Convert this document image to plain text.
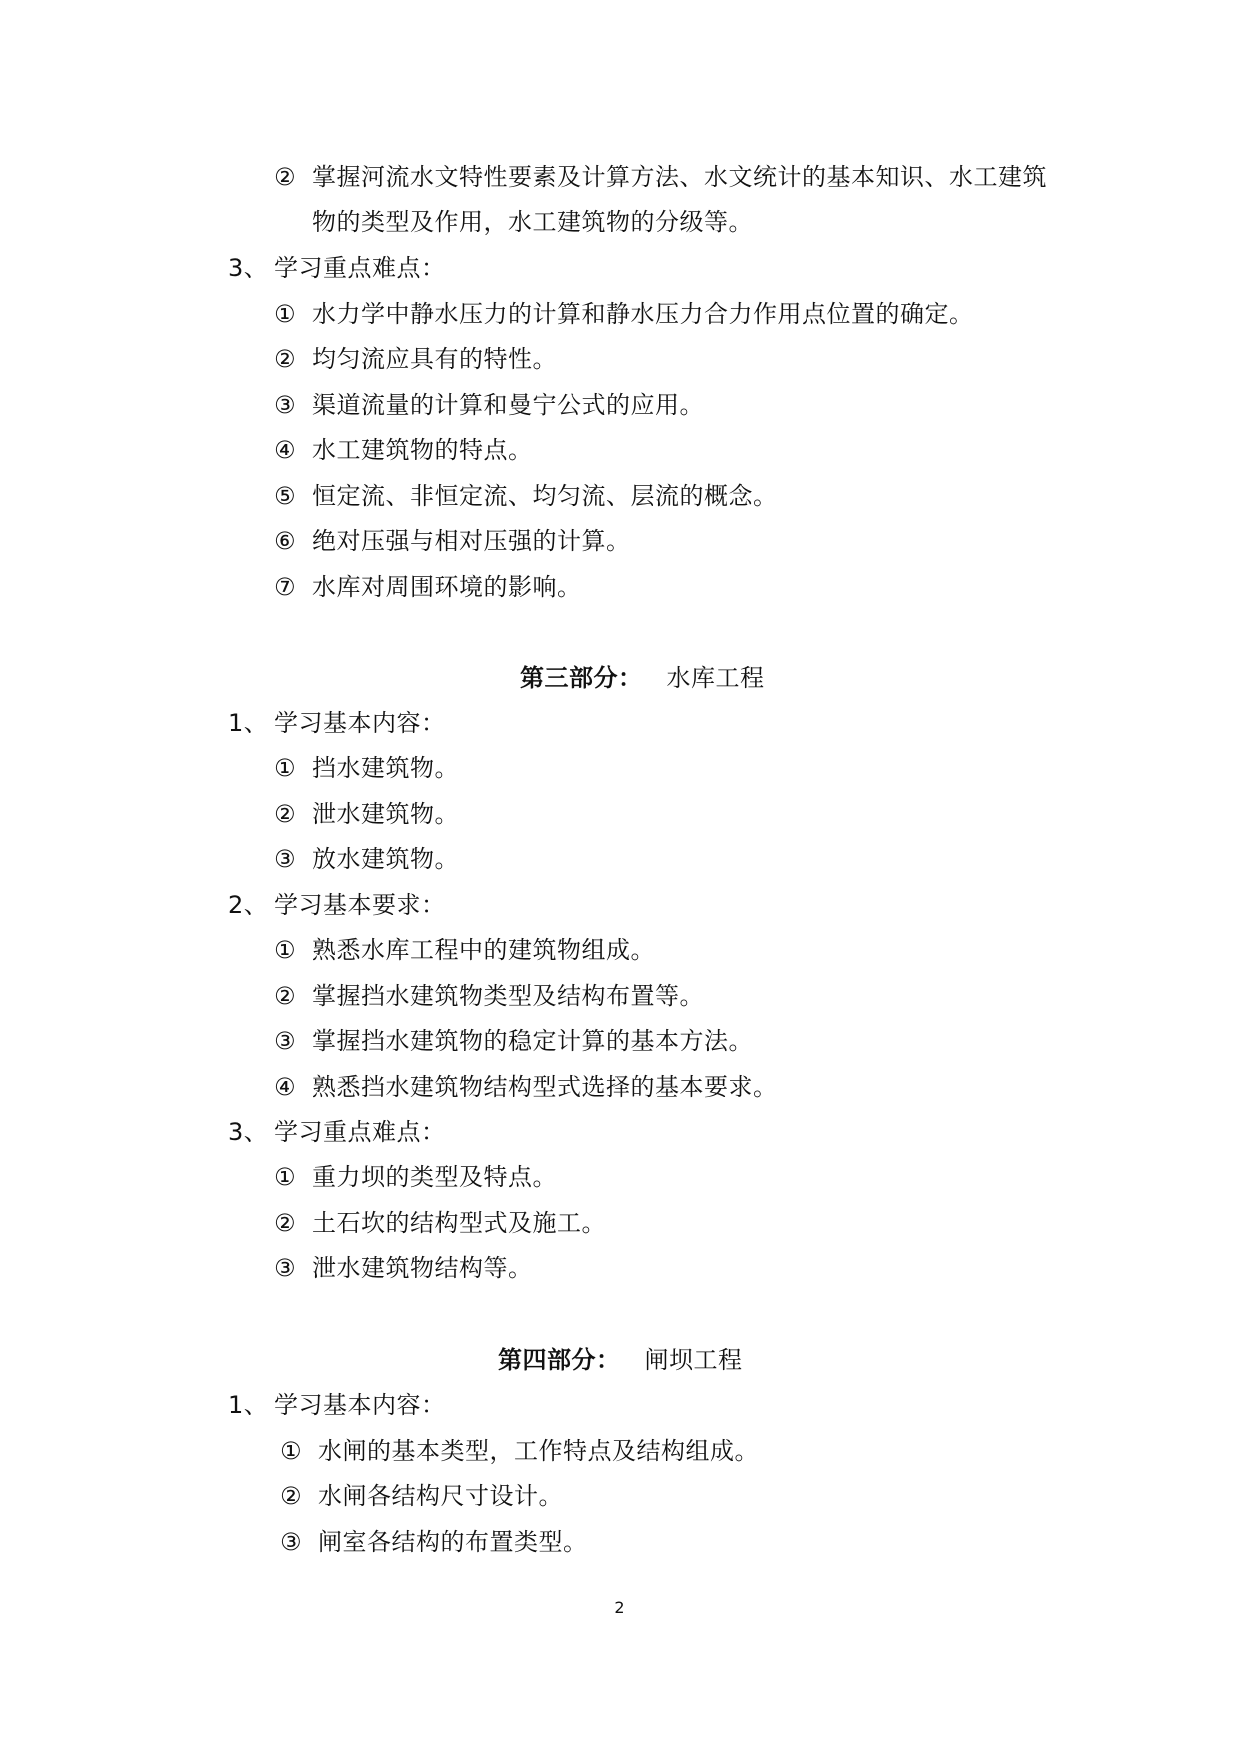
② 掌握河流水文特性要素及计算方法、水文统计的基本知识、水工建筑
物的类型及作用，水工建筑物的分级等。
3、 学习重点难点：
① 水力学中静水压力的计算和静水压力合力作用点位置的确定。
② 均匀流应具有的特性。
③ 渠道流量的计算和曼宁公式的应用。
④ 水工建筑物的特点。
⑤ 恒定流、非恒定流、均匀流、层流的概念。
⑥ 绝对压强与相对压强的计算。
⑦ 水库对周围环境的影响。
第三部分： 水库工程
1、 学习基本内容：
① 挡水建筑物。
② 泄水建筑物。
③ 放水建筑物。
2、 学习基本要求：
① 熟悉水库工程中的建筑物组成。
② 掌握挡水建筑物类型及结构布置等。
③ 掌握挡水建筑物的稳定计算的基本方法。
④ 熟悉挡水建筑物结构型式选择的基本要求。
3、 学习重点难点：
① 重力坝的类型及特点。
② 土石坎的结构型式及施工。
③ 泄水建筑物结构等。
第四部分： 闸坝工程
1、 学习基本内容：
① 水闸的基本类型，工作特点及结构组成。
② 水闸各结构尺寸设计。
③ 闸室各结构的布置类型。
2
